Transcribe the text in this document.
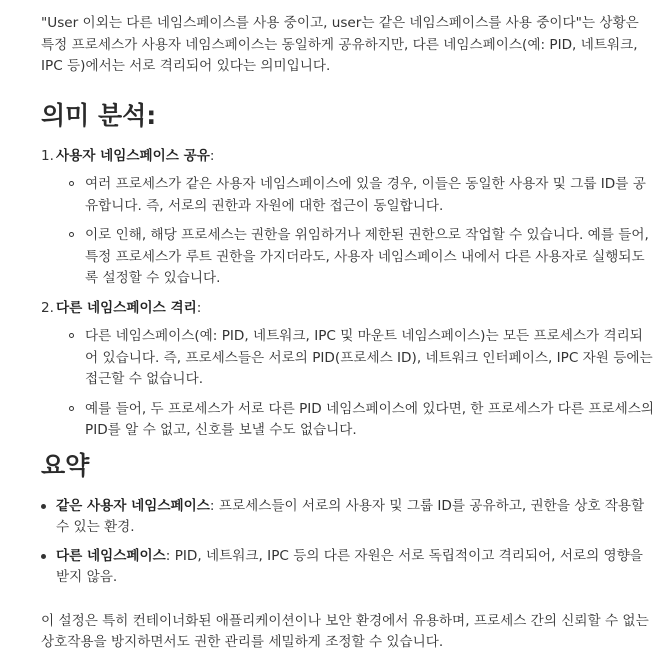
"User 이외는 다른 네임스페이스를 사용 중이고, user는 같은 네임스페이스를 사용 중이다"는 상황은 특정 프로세스가 사용자 네임스페이스는 동일하게 공유하지만, 다른 네임스페이스(예: PID, 네트워크, IPC 등)에서는 서로 격리되어 있다는 의미입니다.

의미 분석:
1. 사용자 네임스페이스 공유:
여러 프로세스가 같은 사용자 네임스페이스에 있을 경우, 이들은 동일한 사용자 및 그룹 ID를 공유합니다. 즉, 서로의 권한과 자원에 대한 접근이 동일합니다.
이로 인해, 해당 프로세스는 권한을 위임하거나 제한된 권한으로 작업할 수 있습니다. 예를 들어, 특정 프로세스가 루트 권한을 가지더라도, 사용자 네임스페이스 내에서 다른 사용자로 실행되도록 설정할 수 있습니다.
2. 다른 네임스페이스 격리:
다른 네임스페이스(예: PID, 네트워크, IPC 및 마운트 네임스페이스)는 모든 프로세스가 격리되어 있습니다. 즉, 프로세스들은 서로의 PID(프로세스 ID), 네트워크 인터페이스, IPC 자원 등에는 접근할 수 없습니다.
예를 들어, 두 프로세스가 서로 다른 PID 네임스페이스에 있다면, 한 프로세스가 다른 프로세스의 PID를 알 수 없고, 신호를 보낼 수도 없습니다.
요약
같은 사용자 네임스페이스: 프로세스들이 서로의 사용자 및 그룹 ID를 공유하고, 권한을 상호 작용할 수 있는 환경.
다른 네임스페이스: PID, 네트워크, IPC 등의 다른 자원은 서로 독립적이고 격리되어, 서로의 영향을 받지 않음.

이 설정은 특히 컨테이너화된 애플리케이션이나 보안 환경에서 유용하며, 프로세스 간의 신뢰할 수 없는 상호작용을 방지하면서도 권한 관리를 세밀하게 조정할 수 있습니다.
